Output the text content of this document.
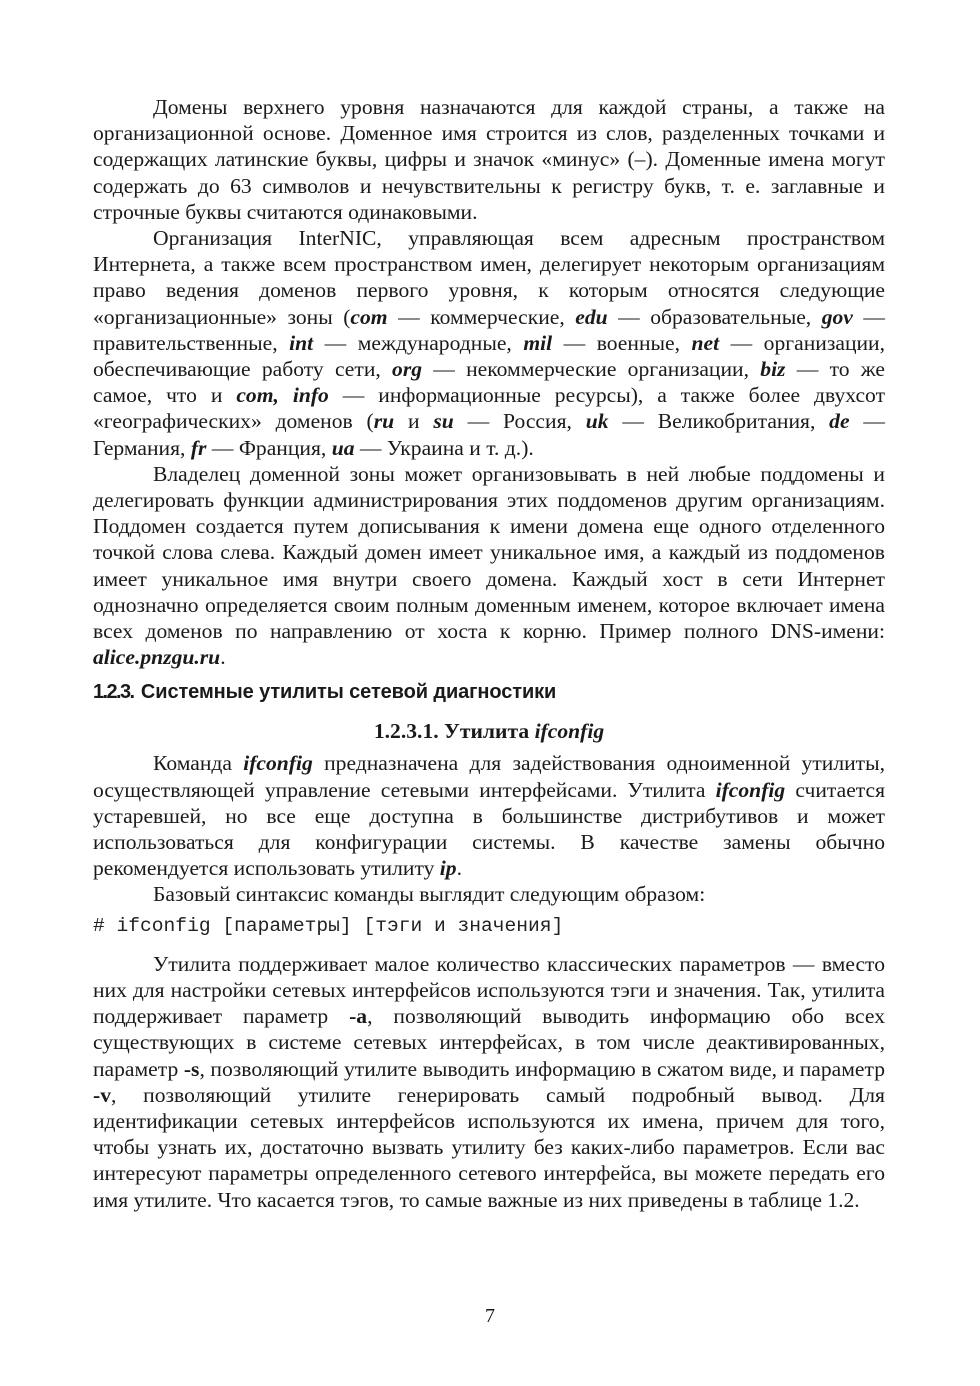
Домены верхнего уровня назначаются для каждой страны, а также на организационной основе. Доменное имя строится из слов, разделенных точками и содержащих латинские буквы, цифры и значок «минус» (–). Доменные имена могут содержать до 63 символов и нечувствительны к регистру букв, т. е. заглавные и строчные буквы считаются одинаковыми.

Организация InterNIC, управляющая всем адресным пространством Интернета, а также всем пространством имен, делегирует некоторым организациям право ведения доменов первого уровня, к которым относятся следующие «организационные» зоны (com — коммерческие, edu — образовательные, gov — правительственные, int — международные, mil — военные, net — организации, обеспечивающие работу сети, org — некоммерческие организации, biz — то же самое, что и com, info — информационные ресурсы), а также более двухсот «географических» доменов (ru и su — Россия, uk — Великобритания, de — Германия, fr — Франция, ua — Украина и т. д.).

Владелец доменной зоны может организовывать в ней любые поддомены и делегировать функции администрирования этих поддоменов другим организациям. Поддомен создается путем дописывания к имени домена еще одного отделенного точкой слова слева. Каждый домен имеет уникальное имя, а каждый из поддоменов имеет уникальное имя внутри своего домена. Каждый хост в сети Интернет однозначно определяется своим полным доменным именем, которое включает имена всех доменов по направлению от хоста к корню. Пример полного DNS-имени: alice.pnzgu.ru.

1.2.3. Системные утилиты сетевой диагностики
1.2.3.1. Утилита ifconfig

Команда ifconfig предназначена для задействования одноименной утилиты, осуществляющей управление сетевыми интерфейсами. Утилита ifconfig считается устаревшей, но все еще доступна в большинстве дистрибутивов и может использоваться для конфигурации системы. В качестве замены обычно рекомендуется использовать утилиту ip.

Базовый синтаксис команды выглядит следующим образом:

# ifconfig [параметры] [тэги и значения]

Утилита поддерживает малое количество классических параметров — вместо них для настройки сетевых интерфейсов используются тэги и значения. Так, утилита поддерживает параметр -a, позволяющий выводить информацию обо всех существующих в системе сетевых интерфейсах, в том числе деактивированных, параметр -s, позволяющий утилите выводить информацию в сжатом виде, и параметр -v, позволяющий утилите генерировать самый подробный вывод. Для идентификации сетевых интерфейсов используются их имена, причем для того, чтобы узнать их, достаточно вызвать утилиту без каких-либо параметров. Если вас интересуют параметры определенного сетевого интерфейса, вы можете передать его имя утилите. Что касается тэгов, то самые важные из них приведены в таблице 1.2.

7
